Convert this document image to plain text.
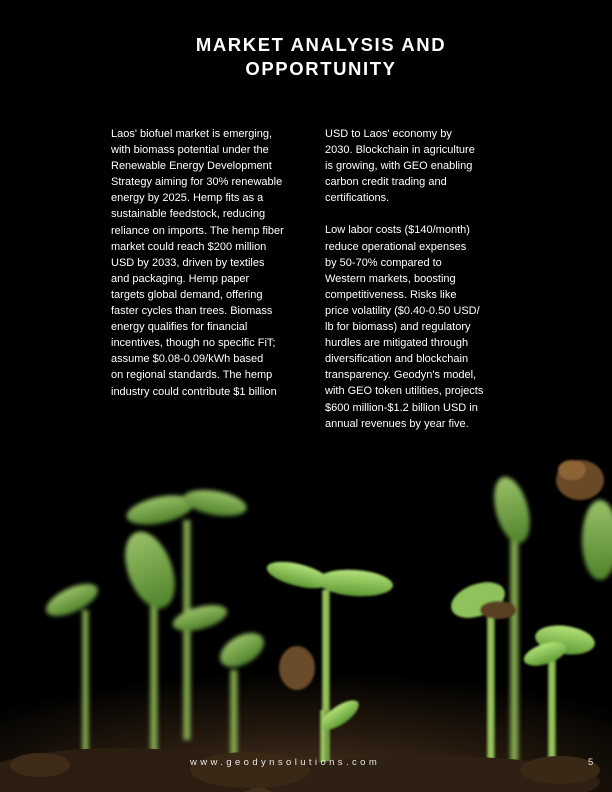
MARKET ANALYSIS AND
OPPORTUNITY
Laos' biofuel market is emerging,
with biomass potential under the
Renewable Energy Development
Strategy aiming for 30% renewable
energy by 2025. Hemp fits as a
sustainable feedstock, reducing
reliance on imports. The hemp fiber
market could reach $200 million
USD by 2033, driven by textiles
and packaging. Hemp paper
targets global demand, offering
faster cycles than trees. Biomass
energy qualifies for financial
incentives, though no specific FiT;
assume $0.08-0.09/kWh based
on regional standards. The hemp
industry could contribute $1 billion
USD to Laos' economy by
2030. Blockchain in agriculture
is growing, with GEO enabling
carbon credit trading and
certifications.
Low labor costs ($140/month)
reduce operational expenses
by 50-70% compared to
Western markets, boosting
competitiveness. Risks like
price volatility ($0.40-0.50 USD/
lb for biomass) and regulatory
hurdles are mitigated through
diversification and blockchain
transparency. Geodyn's model,
with GEO token utilities, projects
$600 million-$1.2 billion USD in
annual revenues by year five.
www.geodynsolutions.com	5
